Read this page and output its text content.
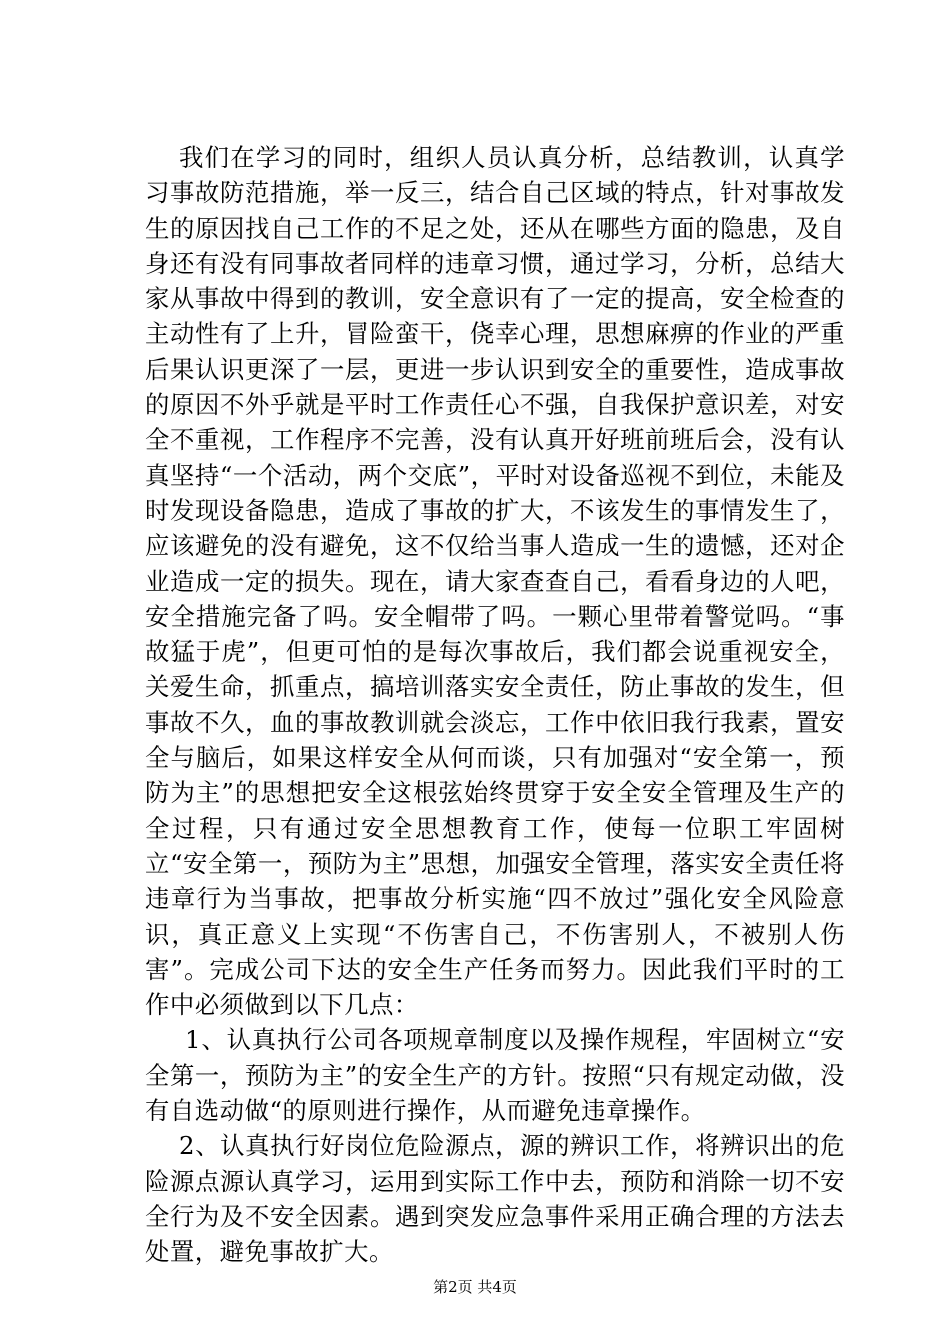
我们在学习的同时，组织人员认真分析，总结教训，认真学习事故防范措施，举一反三，结合自己区域的特点，针对事故发生的原因找自己工作的不足之处，还从在哪些方面的隐患，及自身还有没有同事故者同样的违章习惯，通过学习，分析，总结大家从事故中得到的教训，安全意识有了一定的提高，安全检查的主动性有了上升，冒险蛮干，侥幸心理，思想麻痹的作业的严重后果认识更深了一层，更进一步认识到安全的重要性，造成事故的原因不外乎就是平时工作责任心不强，自我保护意识差，对安全不重视，工作程序不完善，没有认真开好班前班后会，没有认真坚持“一个活动，两个交底”，平时对设备巡视不到位，未能及时发现设备隐患，造成了事故的扩大，不该发生的事情发生了，应该避免的没有避免，这不仅给当事人造成一生的遗憾，还对企业造成一定的损失。现在，请大家查查自己，看看身边的人吧，安全措施完备了吗。安全帽带了吗。一颗心里带着警觉吗。“事故猛于虎”，但更可怕的是每次事故后，我们都会说重视安全，关爱生命，抓重点，搞培训落实安全责任，防止事故的发生，但事故不久，血的事故教训就会淡忘，工作中依旧我行我素，置安全与脑后，如果这样安全从何而谈，只有加强对“安全第一，预防为主”的思想把安全这根弦始终贯穿于安全安全管理及生产的全过程，只有通过安全思想教育工作，使每一位职工牢固树立“安全第一，预防为主”思想，加强安全管理，落实安全责任将违章行为当事故，把事故分析实施“四不放过”强化安全风险意识，真正意义上实现“不伤害自己，不伤害别人，不被别人伤害”。完成公司下达的安全生产任务而努力。因此我们平时的工作中必须做到以下几点：

1、认真执行公司各项规章制度以及操作规程，牢固树立“安全第一，预防为主”的安全生产的方针。按照“只有规定动做，没有自选动做“的原则进行操作，从而避免违章操作。

2、认真执行好岗位危险源点，源的辨识工作，将辨识出的危险源点源认真学习，运用到实际工作中去，预防和消除一切不安全行为及不安全因素。遇到突发应急事件采用正确合理的方法去处置，避免事故扩大。

第2页 共4页
